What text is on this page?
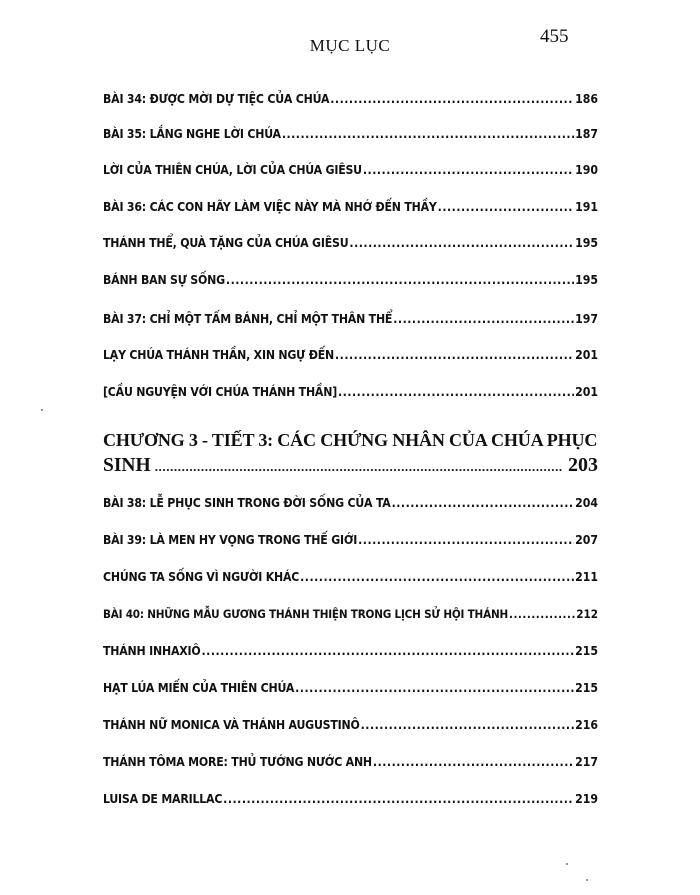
MỤC LỤC	455
BÀI 34: ĐƯỢC MỜI DỰ TIỆC CỦA CHÚA .....	186
BÀI 35: LẮNG NGHE LỜI CHÚA .....	187
LỜI CỦA THIÊN CHÚA, LỜI CỦA CHÚA GIÊSU .....	190
BÀI 36: CÁC CON HÃY LÀM VIỆC NÀY MÀ NHỚ ĐẾN THẦY .....	191
THÁNH THỂ, QUÀ TẶNG CỦA CHÚA GIÊSU .....	195
BÁNH BAN SỰ SỐNG .....	195
BÀI 37: CHỈ MỘT TẤM BÁNH, CHỈ MỘT THÂN THỂ .....	197
LẠY CHÚA THÁNH THẦN, XIN NGỰ ĐẾN .....	201
[CẦU NGUYỆN VỚI CHÚA THÁNH THẦN] .....	201
CHƯƠNG 3 - TIẾT 3: CÁC CHỨNG NHÂN CỦA CHÚA PHỤC
SINH .....	203
BÀI 38: LỄ PHỤC SINH TRONG ĐỜI SỐNG CỦA TA .....	204
BÀI 39: LÀ MEN HY VỌNG TRONG THẾ GIỚI .....	207
CHÚNG TA SỐNG VÌ NGƯỜI KHÁC .....	211
BÀI 40: NHỮNG MẪU GƯƠNG THÁNH THIỆN TRONG LỊCH SỬ HỘI THÁNH .....	212
THÁNH INHAXIÔ .....	215
HẠT LÚA MIẾN CỦA THIÊN CHÚA .....	215
THÁNH NỮ MONICA VÀ THÁNH AUGUSTINÔ .....	216
THÁNH TÔMA MORE: THỦ TƯỚNG NƯỚC ANH .....	217
LUISA DE MARILLAC .....	219
